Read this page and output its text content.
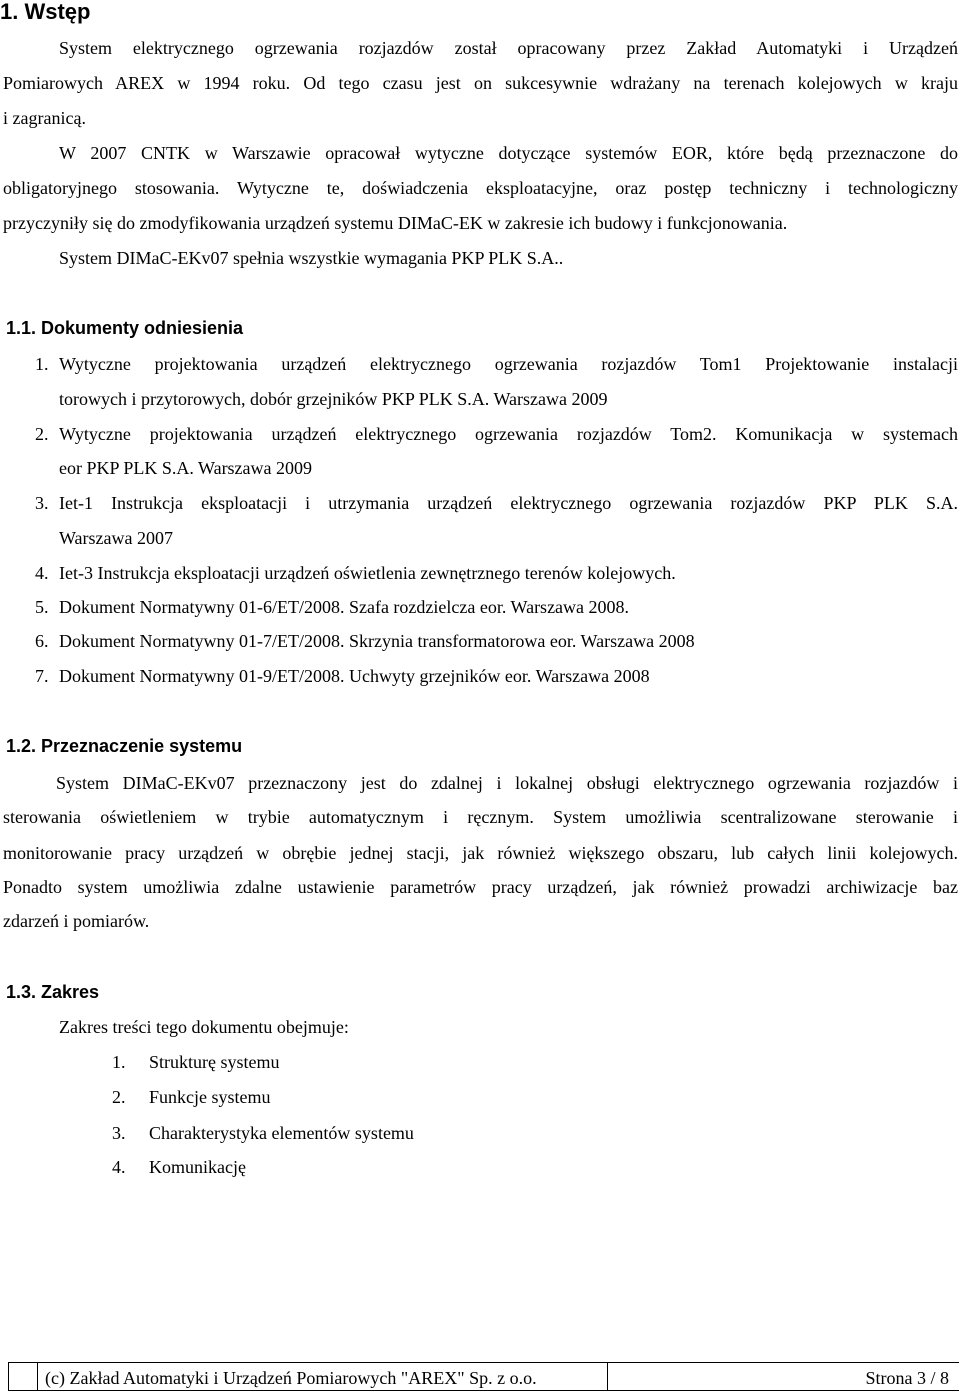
1. Wstęp

System elektrycznego ogrzewania rozjazdów został opracowany przez Zakład Automatyki i Urządzeń

Pomiarowych AREX w 1994 roku. Od tego czasu jest on sukcesywnie wdrażany na terenach kolejowych w kraju

i zagranicą.

W 2007 CNTK w Warszawie opracował wytyczne dotyczące systemów EOR, które będą przeznaczone do

obligatoryjnego stosowania. Wytyczne te, doświadczenia eksploatacyjne, oraz postęp techniczny i technologiczny

przyczyniły się do zmodyfikowania urządzeń systemu DIMaC-EK w zakresie ich budowy i funkcjonowania.

System DIMaC-EKv07 spełnia wszystkie wymagania PKP PLK S.A..

1.1. Dokumenty odniesienia
1. Wytyczne projektowania urządzeń elektrycznego ogrzewania rozjazdów Tom1 Projektowanie instalacji
torowych i przytorowych, dobór grzejników PKP PLK S.A. Warszawa 2009
2. Wytyczne projektowania urządzeń elektrycznego ogrzewania rozjazdów Tom2. Komunikacja w systemach
eor PKP PLK S.A. Warszawa 2009
3. Iet-1 Instrukcja eksploatacji i utrzymania urządzeń elektrycznego ogrzewania rozjazdów PKP PLK S.A.
Warszawa 2007
4. Iet-3 Instrukcja eksploatacji urządzeń oświetlenia zewnętrznego terenów kolejowych.
5. Dokument Normatywny 01-6/ET/2008. Szafa rozdzielcza eor. Warszawa 2008.
6. Dokument Normatywny 01-7/ET/2008. Skrzynia transformatorowa eor. Warszawa 2008
7. Dokument Normatywny 01-9/ET/2008. Uchwyty grzejników eor. Warszawa 2008
1.2. Przeznaczenie systemu

System DIMaC-EKv07 przeznaczony jest do zdalnej i lokalnej obsługi elektrycznego ogrzewania rozjazdów i

sterowania oświetleniem w trybie automatycznym i ręcznym. System umożliwia scentralizowane sterowanie i

monitorowanie pracy urządzeń w obrębie jednej stacji, jak również większego obszaru, lub całych linii kolejowych.

Ponadto system umożliwia zdalne ustawienie parametrów pracy urządzeń, jak również prowadzi archiwizacje baz

zdarzeń i pomiarów.

1.3. Zakres

Zakres treści tego dokumentu obejmuje:

1. Strukturę systemu
2. Funkcje systemu
3. Charakterystyka elementów systemu
4. Komunikację
(c) Zakład Automatyki i Urządzeń Pomiarowych "AREX" Sp. z o.o.	Strona 3 / 8
